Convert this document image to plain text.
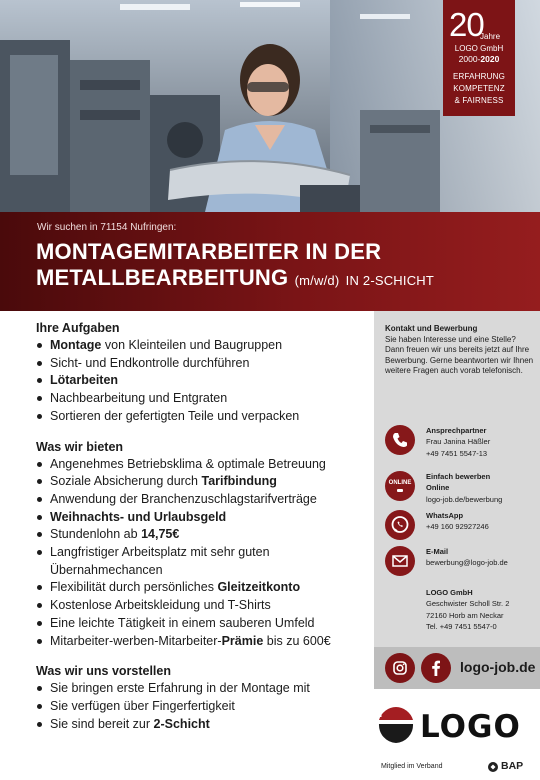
20
Jahre
LOGO GmbH
2000-2020
ERFAHRUNG
KOMPETENZ
& FAIRNESS
Wir suchen in 71154 Nufringen:
MONTAGEMITARBEITER IN DER
METALLBEARBEITUNG (m/w/d) IN 2-SCHICHT
Ihre Aufgaben
Montage von Kleinteilen und Baugruppen
Sicht- und Endkontrolle durchführen
Lötarbeiten
Nachbearbeitung und Entgraten
Sortieren der gefertigten Teile und verpacken
Was wir bieten
Angenehmes Betriebsklima & optimale Betreuung
Soziale Absicherung durch Tarifbindung
Anwendung der Branchenzuschlagstarifverträge
Weihnachts- und Urlaubsgeld
Stundenlohn ab 14,75€
Langfristiger Arbeitsplatz mit sehr guten Übernahmechancen
Flexibilität durch persönliches Gleitzeitkonto
Kostenlose Arbeitskleidung und T-Shirts
Eine leichte Tätigkeit in einem sauberen Umfeld
Mitarbeiter-werben-Mitarbeiter-Prämie bis zu 600€
Was wir uns vorstellen
Sie bringen erste Erfahrung in der Montage mit
Sie verfügen über Fingerfertigkeit
Sie sind bereit zur 2-Schicht
Kontakt und Bewerbung
Sie haben Interesse und eine Stelle? Dann freuen wir uns bereits jetzt auf Ihre Bewerbung. Gerne beantworten wir Ihnen weitere Fragen auch vorab telefonisch.
Ansprechpartner
Frau Janina Häßler
+49 7451 5547-13
ONLINE
Einfach bewerben
Online
logo-job.de/bewerbung
WhatsApp
+49 160 92927246
E-Mail
bewerbung@logo-job.de
LOGO GmbH
Geschwister Scholl Str. 2
72160 Horb am Neckar
Tel. +49 7451 5547-0
logo-job.de
LOGO
Mitglied im Verband	BAP
